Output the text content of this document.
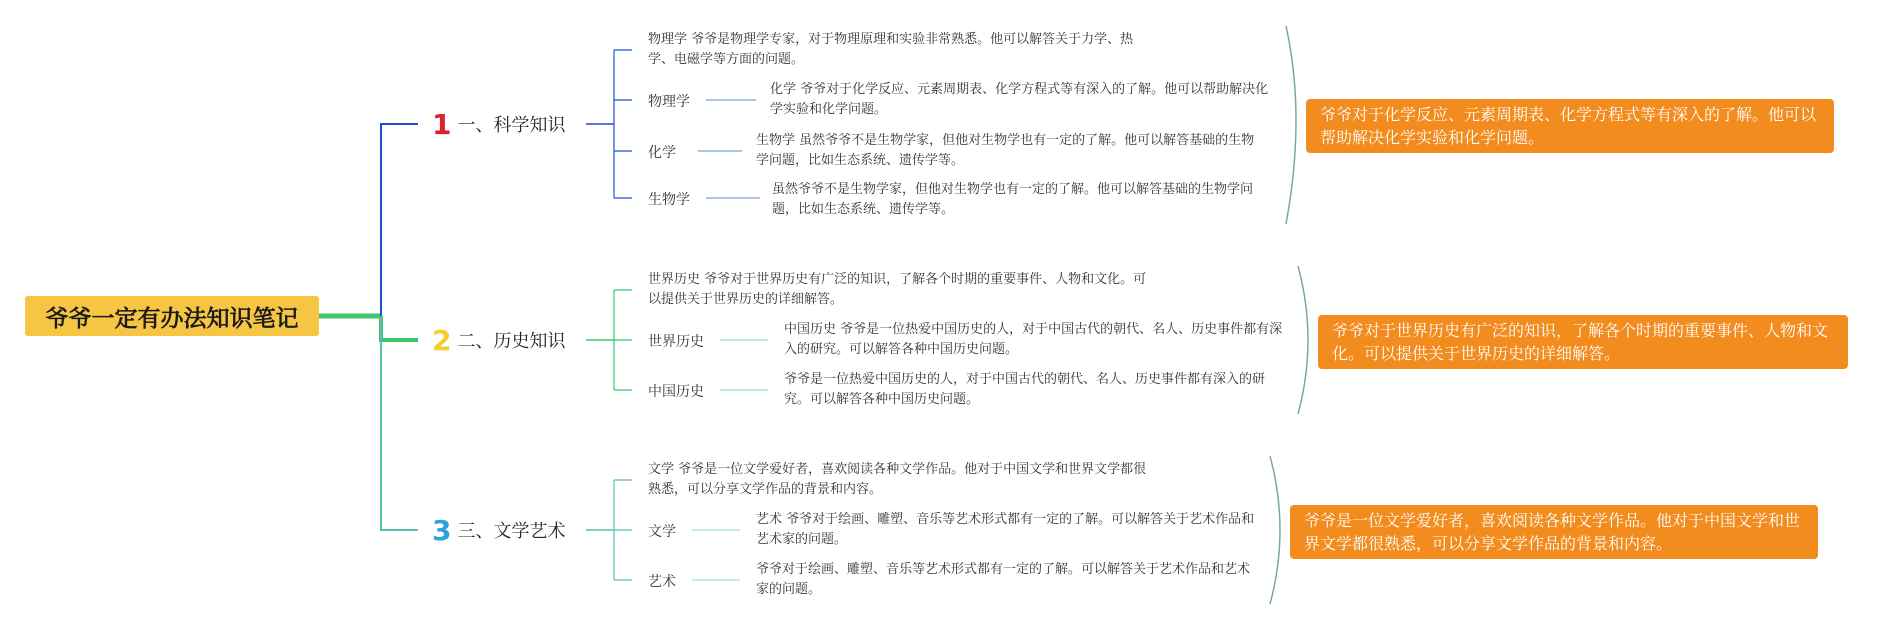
爷爷一定有办法知识笔记
1 一、科学知识
物理学 爷爷是物理学专家，对于物理原理和实验非常熟悉。他可以解答关于力学、热学、电磁学等方面的问题。
物理学
化学 爷爷对于化学反应、元素周期表、化学方程式等有深入的了解。他可以帮助解决化学实验和化学问题。
化学
生物学 虽然爷爷不是生物学家，但他对生物学也有一定的了解。他可以解答基础的生物学问题，比如生态系统、遗传学等。
生物学
虽然爷爷不是生物学家，但他对生物学也有一定的了解。他可以解答基础的生物学问题，比如生态系统、遗传学等。
爷爷对于化学反应、元素周期表、化学方程式等有深入的了解。他可以帮助解决化学实验和化学问题。
2 二、历史知识
世界历史 爷爷对于世界历史有广泛的知识，了解各个时期的重要事件、人物和文化。可以提供关于世界历史的详细解答。
世界历史
中国历史 爷爷是一位热爱中国历史的人，对于中国古代的朝代、名人、历史事件都有深入的研究。可以解答各种中国历史问题。
中国历史
爷爷是一位热爱中国历史的人，对于中国古代的朝代、名人、历史事件都有深入的研究。可以解答各种中国历史问题。
爷爷对于世界历史有广泛的知识，了解各个时期的重要事件、人物和文化。可以提供关于世界历史的详细解答。
3 三、文学艺术
文学 爷爷是一位文学爱好者，喜欢阅读各种文学作品。他对于中国文学和世界文学都很熟悉，可以分享文学作品的背景和内容。
文学
艺术 爷爷对于绘画、雕塑、音乐等艺术形式都有一定的了解。可以解答关于艺术作品和艺术家的问题。
艺术
爷爷对于绘画、雕塑、音乐等艺术形式都有一定的了解。可以解答关于艺术作品和艺术家的问题。
爷爷是一位文学爱好者，喜欢阅读各种文学作品。他对于中国文学和世界文学都很熟悉，可以分享文学作品的背景和内容。
